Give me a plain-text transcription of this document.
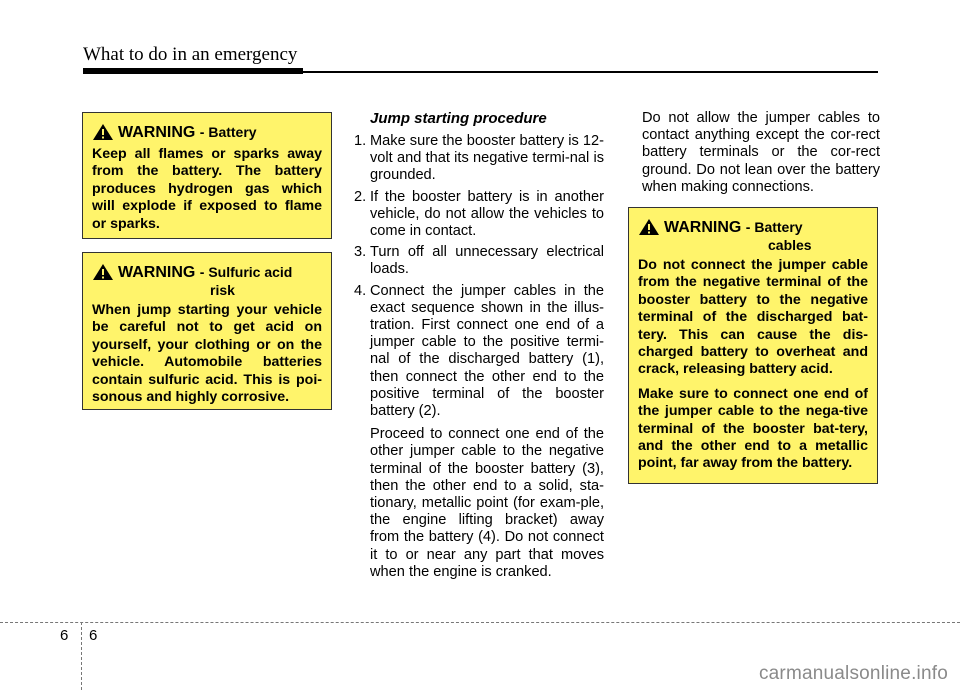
What to do in an emergency
WARNING - Battery

Keep all flames or sparks away from the battery. The battery produces hydrogen gas which will explode if exposed to flame or sparks.

WARNING - Sulfuric acid
risk

When jump starting your vehicle be careful not to get acid on yourself, your clothing or on the vehicle. Automobile batteries contain sulfuric acid. This is poi-sonous and highly corrosive.

Jump starting procedure
1. Make sure the booster battery is 12-volt and that its negative termi-nal is grounded.
2. If the booster battery is in another vehicle, do not allow the vehicles to come in contact.
3. Turn off all unnecessary electrical loads.
4. Connect the jumper cables in the exact sequence shown in the illus-tration. First connect one end of a jumper cable to the positive termi-nal of the discharged battery (1), then connect the other end to the positive terminal of the booster battery (2).
Proceed to connect one end of the other jumper cable to the negative terminal of the booster battery (3), then the other end to a solid, sta-tionary, metallic point (for exam-ple, the engine lifting bracket) away from the battery (4). Do not connect it to or near any part that moves when the engine is cranked.

Do not allow the jumper cables to contact anything except the cor-rect battery terminals or the cor-rect ground. Do not lean over the battery when making connections.

WARNING - Battery
cables

Do not connect the jumper cable from the negative terminal of the booster battery to the negative terminal of the discharged bat-tery. This can cause the dis-charged battery to overheat and crack, releasing battery acid.

Make sure to connect one end of the jumper cable to the nega-tive terminal of the booster bat-tery, and the other end to a metallic point, far away from the battery.

6 6
carmanualsonline.info
